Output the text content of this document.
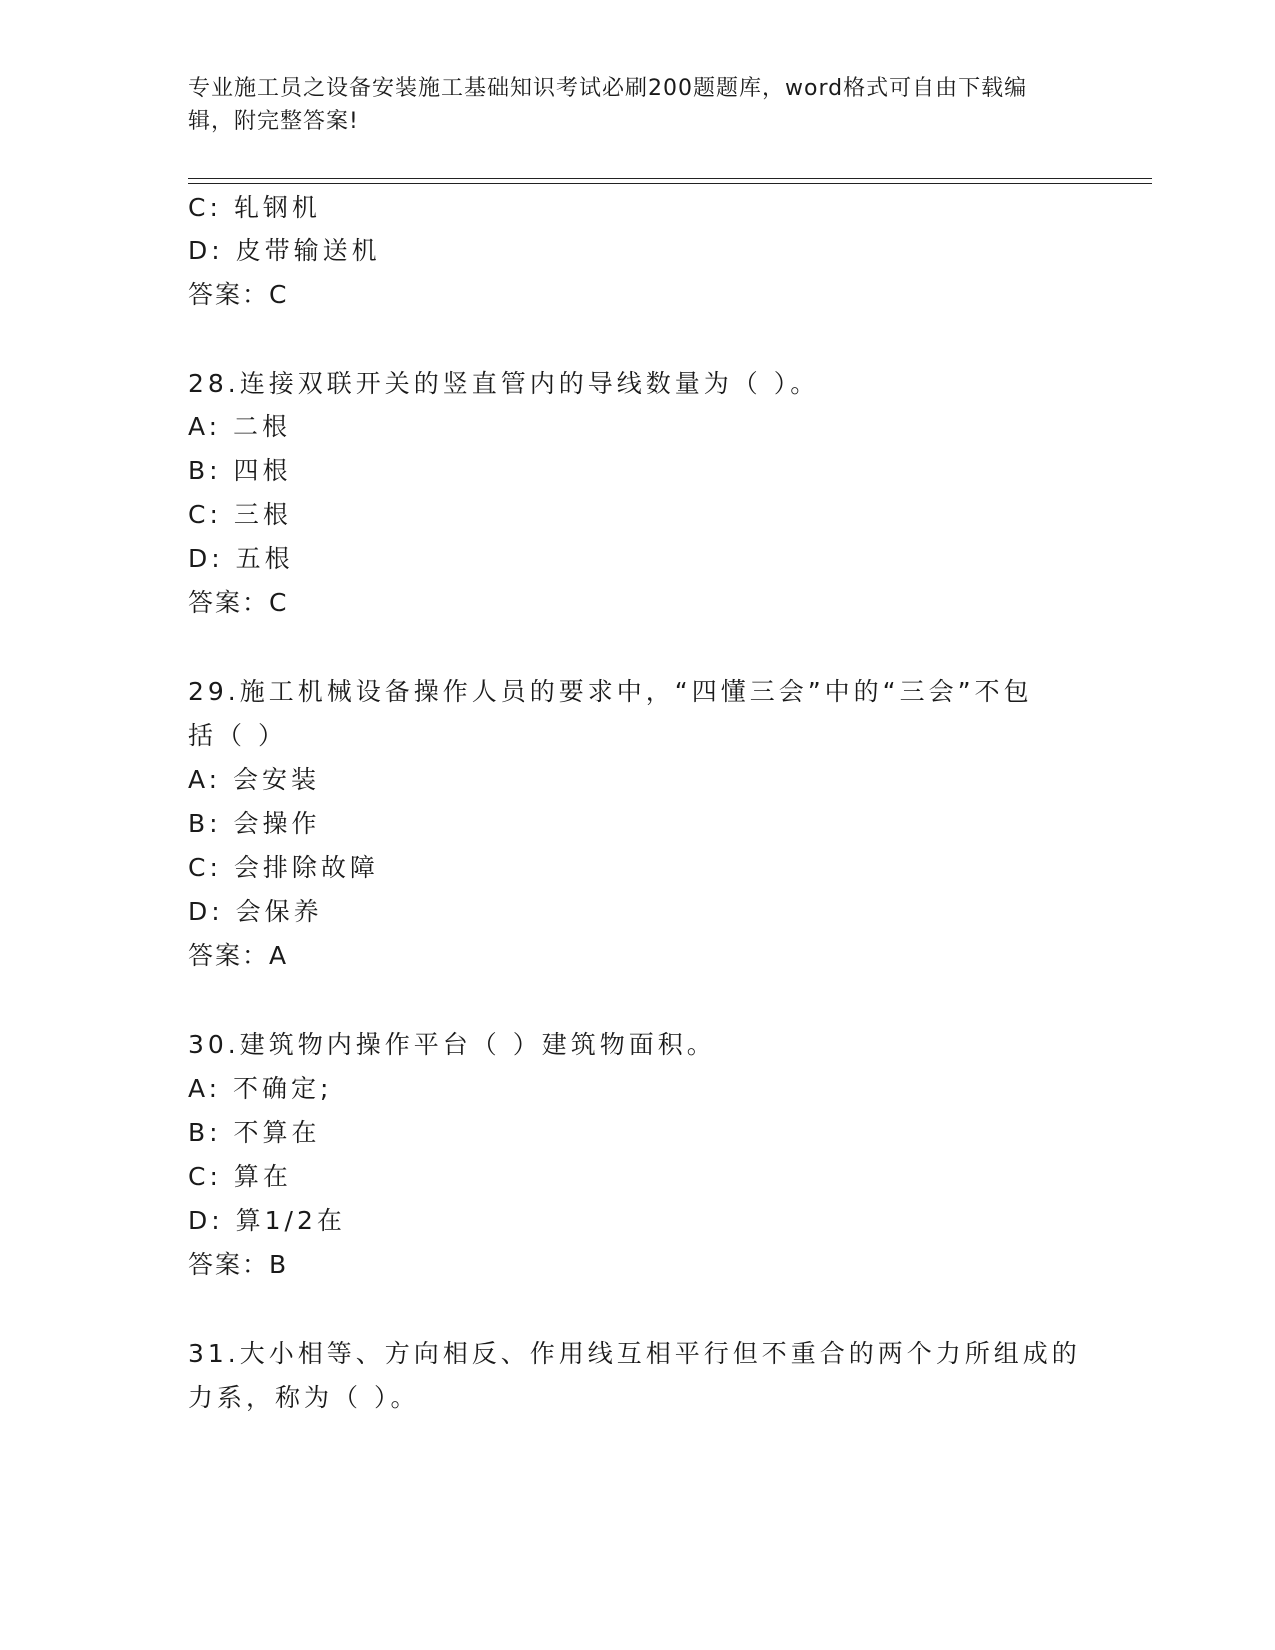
专业施工员之设备安装施工基础知识考试必刷200题题库，word格式可自由下载编辑，附完整答案!
C: 轧钢机
D: 皮带输送机
答案：C
28.连接双联开关的竖直管内的导线数量为（ ）。
A: 二根
B: 四根
C: 三根
D: 五根
答案：C
29.施工机械设备操作人员的要求中，“四懂三会”中的“三会”不包
括（ ）
A: 会安装
B: 会操作
C: 会排除故障
D: 会保养
答案：A
30.建筑物内操作平台（ ）建筑物面积。
A: 不确定;
B: 不算在
C: 算在
D: 算1/2在
答案：B
31.大小相等、方向相反、作用线互相平行但不重合的两个力所组成的
力系，称为（ ）。
